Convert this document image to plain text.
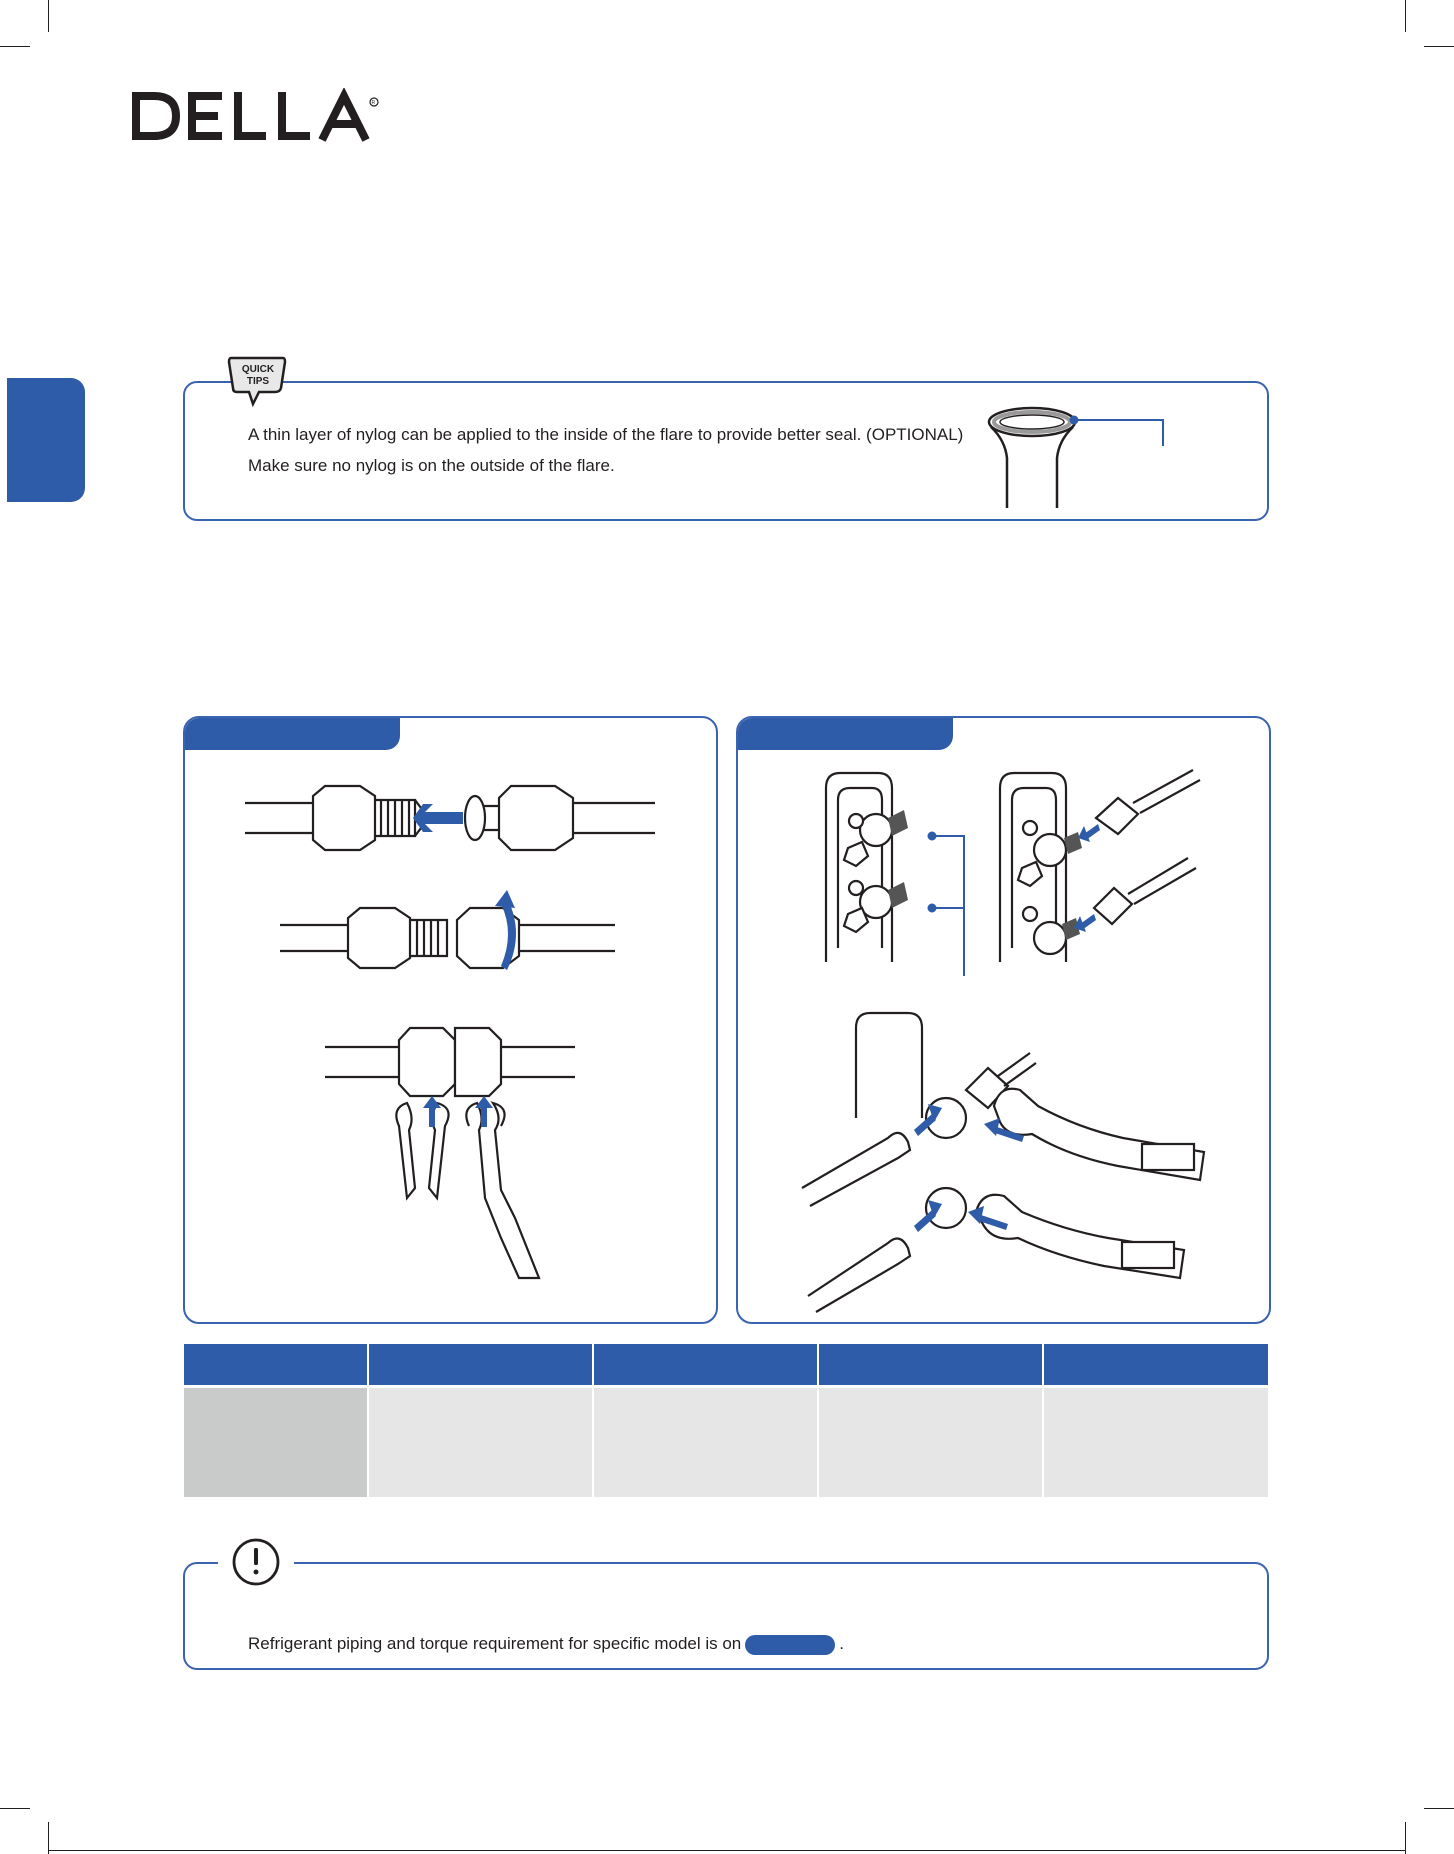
R
QUICK
TIPS
A thin layer of nylog can be applied to the inside of the flare to provide better seal. (OPTIONAL)
Make sure no nylog is on the outside of the flare.
Refrigerant piping and torque requirement for specific model is on	.
